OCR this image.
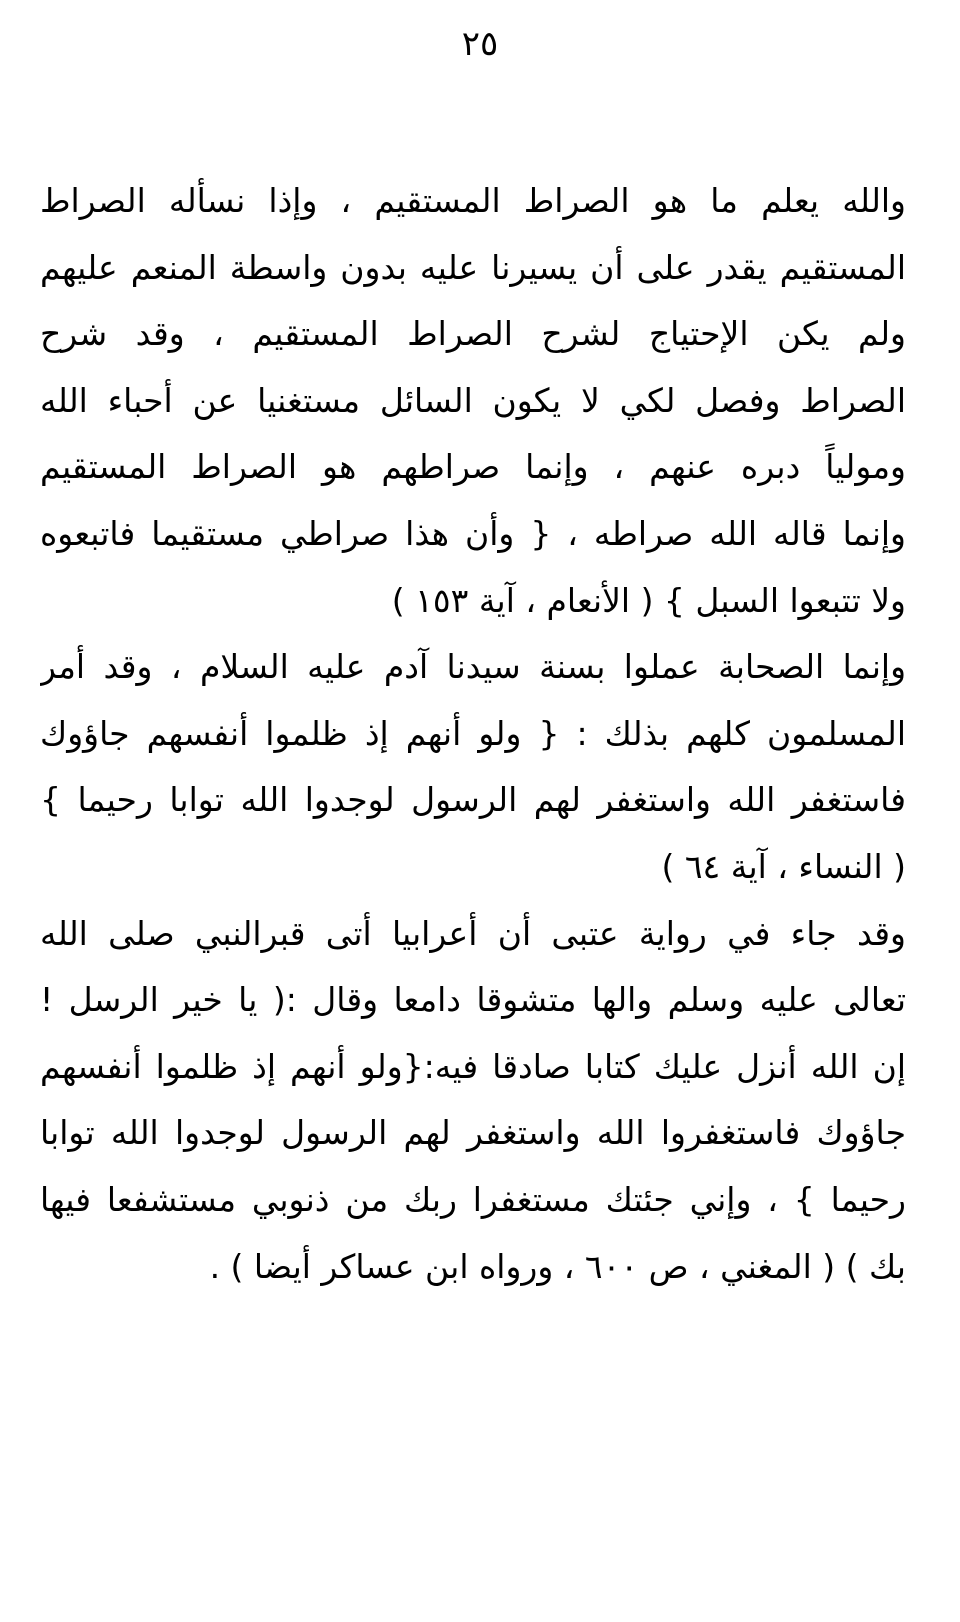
٢٥
والله يعلم ما هو الصراط المستقيم ، وإذا نسأله الصراط
المستقيم يقدر على أن يسيرنا عليه بدون واسطة المنعم عليهم
ولم يكن الإحتياج لشرح الصراط المستقيم ، وقد شرح
الصراط وفصل لكي لا يكون السائل مستغنيا عن أحباء الله
ومولياً دبره عنهم ، وإنما صراطهم هو الصراط المستقيم
وإنما قاله الله صراطه ، { وأن هذا صراطي مستقيما فاتبعوه
ولا تتبعوا السبل } ( الأنعام ، آية ١٥٣ )
وإنما الصحابة عملوا بسنة سيدنا آدم عليه السلام ، وقد أمر
المسلمون كلهم بذلك : { ولو أنهم إذ ظلموا أنفسهم جاؤوك
فاستغفر الله واستغفر لهم الرسول لوجدوا الله توابا رحيما }
( النساء ، آية ٦٤ )
وقد جاء في رواية عتبى أن أعرابيا أتى قبرالنبي صلى الله
تعالى عليه وسلم والها متشوقا دامعا وقال :( يا خير الرسل !
إن الله أنزل عليك كتابا صادقا فيه:{ولو أنهم إذ ظلموا أنفسهم
جاؤوك فاستغفروا الله واستغفر لهم الرسول لوجدوا الله توابا
رحيما } ، وإني جئتك مستغفرا ربك من ذنوبي مستشفعا فيها
بك ) ( المغني ، ص ٦٠٠ ، ورواه ابن عساكر أيضا ) .
